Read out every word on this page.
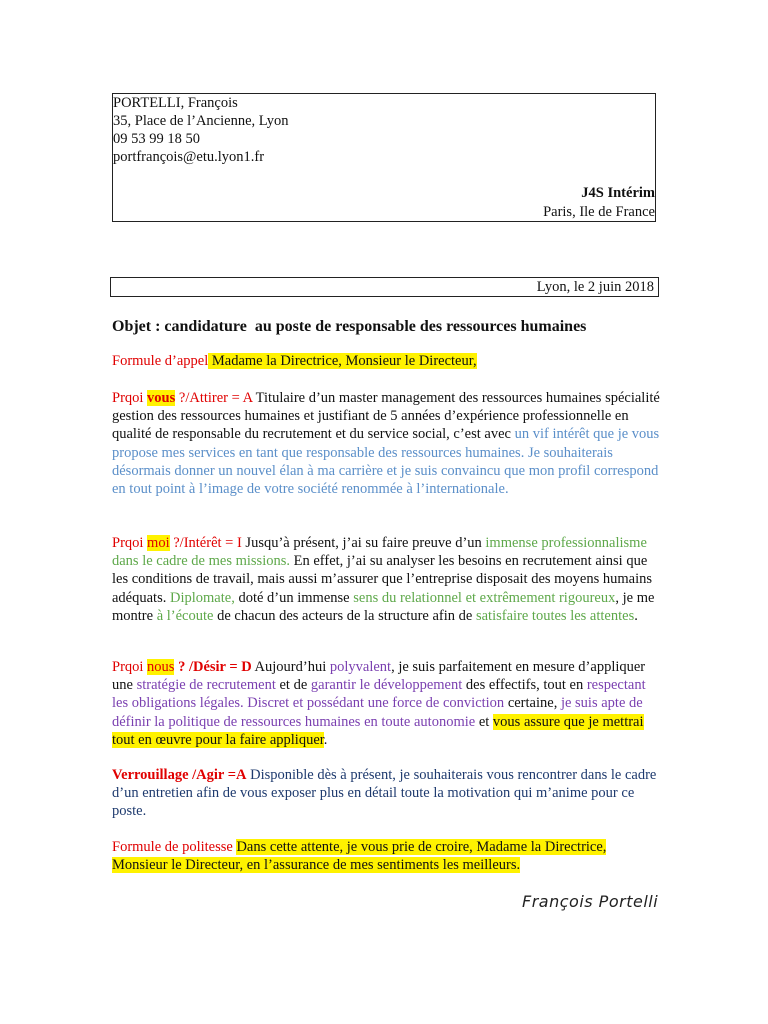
PORTELLI, François
35, Place de l’Ancienne, Lyon
09 53 99 18 50
portfrançois@etu.lyon1.fr
J4S Intérim
Paris, Ile de France
Lyon, le 2 juin 2018
Objet : candidature  au poste de responsable des ressources humaines
Formule d’appel Madame la Directrice, Monsieur le Directeur,
Prqoi vous ?/Attirer = A Titulaire d’un master management des ressources humaines spécialité gestion des ressources humaines et justifiant de 5 années d’expérience professionnelle en qualité de responsable du recrutement et du service social, c’est avec un vif intérêt que je vous propose mes services en tant que responsable des ressources humaines. Je souhaiterais désormais donner un nouvel élan à ma carrière et je suis convaincu que mon profil correspond en tout point à l’image de votre société renommée à l’internationale.
Prqoi moi ?/Intérêt = I Jusqu’à présent, j’ai su faire preuve d’un immense professionnalisme dans le cadre de mes missions. En effet, j’ai su analyser les besoins en recrutement ainsi que les conditions de travail, mais aussi m’assurer que l’entreprise disposait des moyens humains adéquats. Diplomate, doté d’un immense sens du relationnel et extrêmement rigoureux, je me montre à l’écoute de chacun des acteurs de la structure afin de satisfaire toutes les attentes.
Prqoi nous ? /Désir = D Aujourd’hui polyvalent, je suis parfaitement en mesure d’appliquer une stratégie de recrutement et de garantir le développement des effectifs, tout en respectant les obligations légales. Discret et possédant une force de conviction certaine, je suis apte de définir la politique de ressources humaines en toute autonomie et vous assure que je mettrai tout en œuvre pour la faire appliquer.
Verrouillage /Agir =A Disponible dès à présent, je souhaiterais vous rencontrer dans le cadre d’un entretien afin de vous exposer plus en détail toute la motivation qui m’anime pour ce poste.
Formule de politesse Dans cette attente, je vous prie de croire, Madame la Directrice, Monsieur le Directeur, en l’assurance de mes sentiments les meilleurs.
François Portelli
